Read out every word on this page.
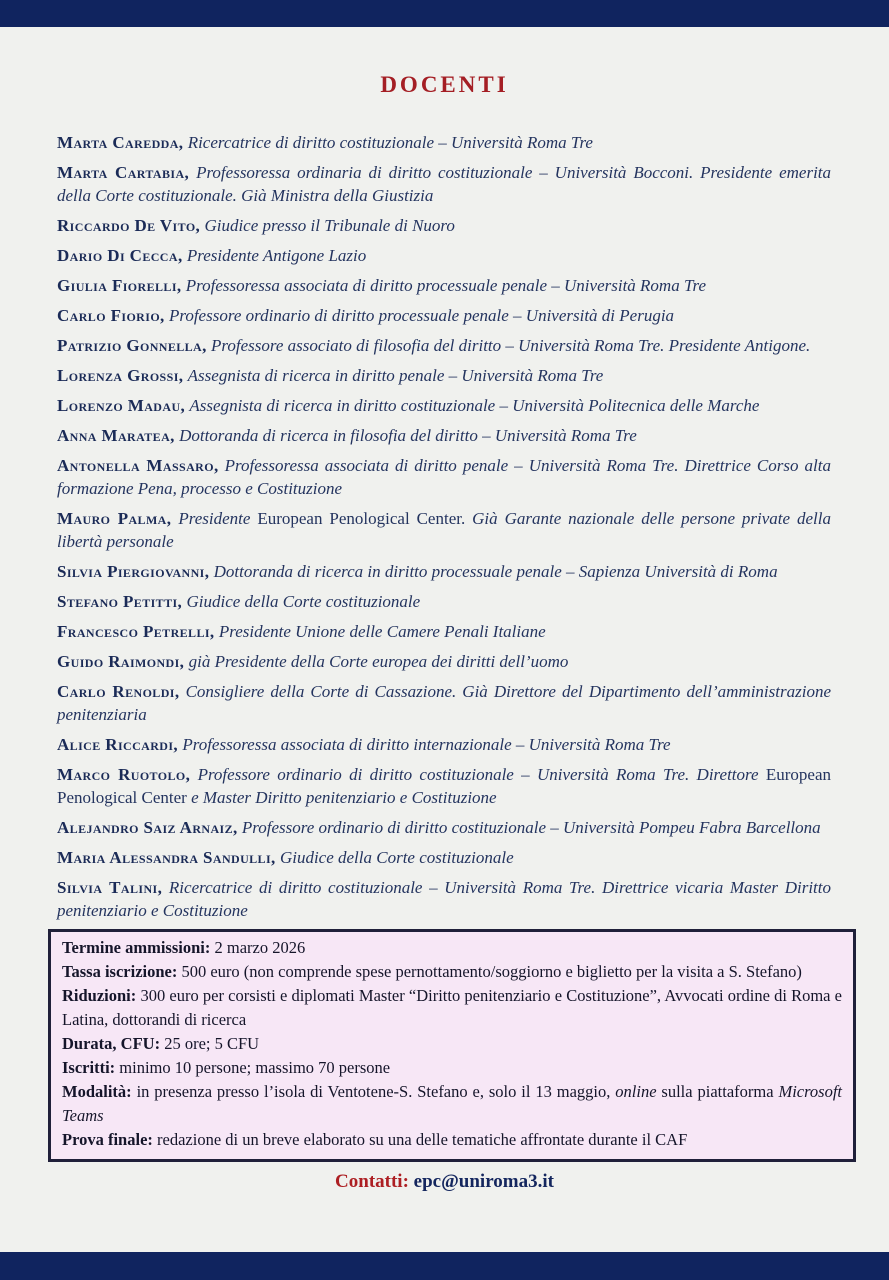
DOCENTI

Marta Caredda, Ricercatrice di diritto costituzionale – Università Roma Tre

Marta Cartabia, Professoressa ordinaria di diritto costituzionale – Università Bocconi. Presidente emerita della Corte costituzionale. Già Ministra della Giustizia

Riccardo De Vito, Giudice presso il Tribunale di Nuoro

Dario Di Cecca, Presidente Antigone Lazio

Giulia Fiorelli, Professoressa associata di diritto processuale penale – Università Roma Tre

Carlo Fiorio, Professore ordinario di diritto processuale penale – Università di Perugia

Patrizio Gonnella, Professore associato di filosofia del diritto – Università Roma Tre. Presidente Antigone.

Lorenza Grossi, Assegnista di ricerca in diritto penale – Università Roma Tre

Lorenzo Madau, Assegnista di ricerca in diritto costituzionale – Università Politecnica delle Marche

Anna Maratea, Dottoranda di ricerca in filosofia del diritto – Università Roma Tre

Antonella Massaro, Professoressa associata di diritto penale – Università Roma Tre. Direttrice Corso alta formazione Pena, processo e Costituzione

Mauro Palma, Presidente European Penological Center. Già Garante nazionale delle persone private della libertà personale

Silvia Piergiovanni, Dottoranda di ricerca in diritto processuale penale – Sapienza Università di Roma

Stefano Petitti, Giudice della Corte costituzionale

Francesco Petrelli, Presidente Unione delle Camere Penali Italiane

Guido Raimondi, già Presidente della Corte europea dei diritti dell’uomo

Carlo Renoldi, Consigliere della Corte di Cassazione. Già Direttore del Dipartimento dell’amministrazione penitenziaria

Alice Riccardi, Professoressa associata di diritto internazionale – Università Roma Tre

Marco Ruotolo, Professore ordinario di diritto costituzionale – Università Roma Tre. Direttore European Penological Center e Master Diritto penitenziario e Costituzione

Alejandro Saiz Arnaiz, Professore ordinario di diritto costituzionale – Università Pompeu Fabra Barcellona

Maria Alessandra Sandulli, Giudice della Corte costituzionale

Silvia Talini, Ricercatrice di diritto costituzionale – Università Roma Tre. Direttrice vicaria Master Diritto penitenziario e Costituzione

Termine ammissioni: 2 marzo 2026

Tassa iscrizione: 500 euro (non comprende spese pernottamento/soggiorno e biglietto per la visita a S. Stefano)

Riduzioni: 300 euro per corsisti e diplomati Master “Diritto penitenziario e Costituzione”, Avvocati ordine di Roma e Latina, dottorandi di ricerca

Durata, CFU: 25 ore; 5 CFU

Iscritti: minimo 10 persone; massimo 70 persone

Modalità: in presenza presso l’isola di Ventotene-S. Stefano e, solo il 13 maggio, online sulla piattaforma Microsoft Teams

Prova finale: redazione di un breve elaborato su una delle tematiche affrontate durante il CAF

Contatti: epc@uniroma3.it
